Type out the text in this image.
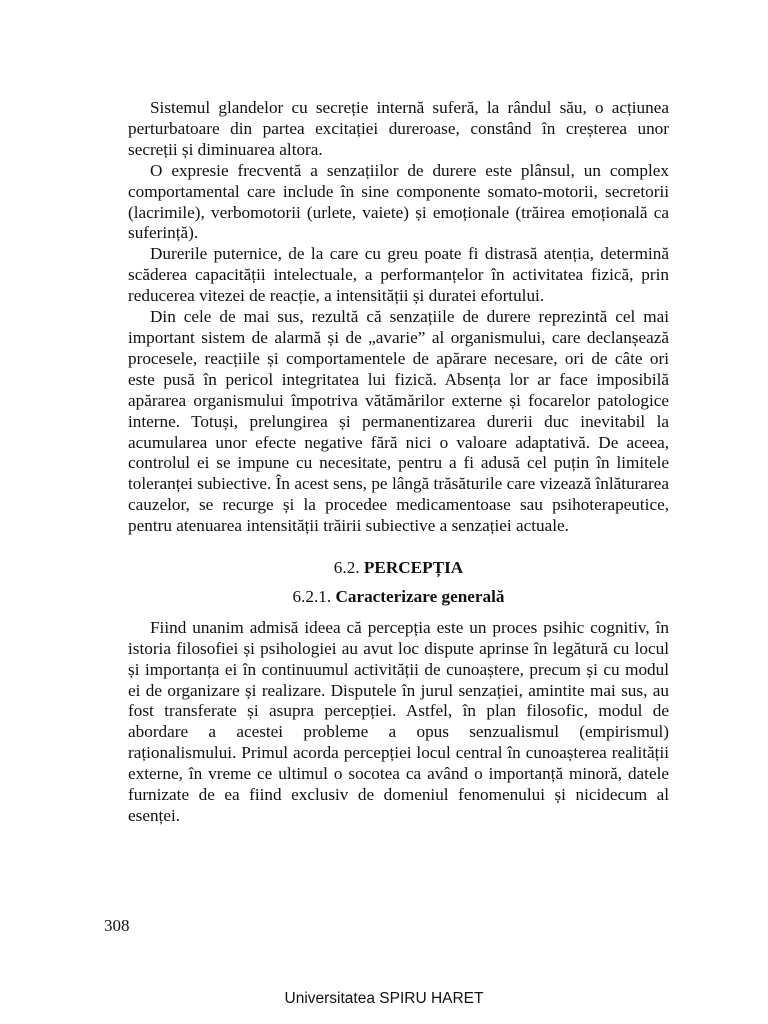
Sistemul glandelor cu secreție internă suferă, la rândul său, o acțiunea perturbatoare din partea excitației dureroase, constând în creșterea unor secreții și diminuarea altora.

O expresie frecventă a senzațiilor de durere este plânsul, un complex comportamental care include în sine componente somato-motorii, secretorii (lacrimile), verbomotorii (urlete, vaiete) și emoționale (trăirea emoțională ca suferință).

Durerile puternice, de la care cu greu poate fi distrasă atenția, determină scăderea capacității intelectuale, a performanțelor în activitatea fizică, prin reducerea vitezei de reacție, a intensității și duratei efortului.

Din cele de mai sus, rezultă că senzațiile de durere reprezintă cel mai important sistem de alarmă și de „avarie” al organismului, care declanșează procesele, reacțiile și comportamentele de apărare necesare, ori de câte ori este pusă în pericol integritatea lui fizică. Absența lor ar face imposibilă apărarea organismului împotriva vătămărilor externe și focarelor patologice interne. Totuși, prelungirea și permanentizarea durerii duc inevitabil la acumularea unor efecte negative fără nici o valoare adaptativă. De aceea, controlul ei se impune cu necesitate, pentru a fi adusă cel puțin în limitele toleranței subiective. În acest sens, pe lângă trăsăturile care vizează înlăturarea cauzelor, se recurge și la procedee medicamentoase sau psihoterapeutice, pentru atenuarea intensității trăirii subiective a senzației actuale.

6.2. PERCEPȚIA

6.2.1. Caracterizare generală

Fiind unanim admisă ideea că percepția este un proces psihic cognitiv, în istoria filosofiei și psihologiei au avut loc dispute aprinse în legătură cu locul și importanța ei în continuumul activității de cunoaștere, precum și cu modul ei de organizare și realizare. Disputele în jurul senzației, amintite mai sus, au fost transferate și asupra percepției. Astfel, în plan filosofic, modul de abordare a acestei probleme a opus senzualismul (empirismul) raționalismului. Primul acorda percepției locul central în cunoașterea realității externe, în vreme ce ultimul o socotea ca având o importanță minoră, datele furnizate de ea fiind exclusiv de domeniul fenomenului și nicidecum al esenței.

308
Universitatea SPIRU HARET
